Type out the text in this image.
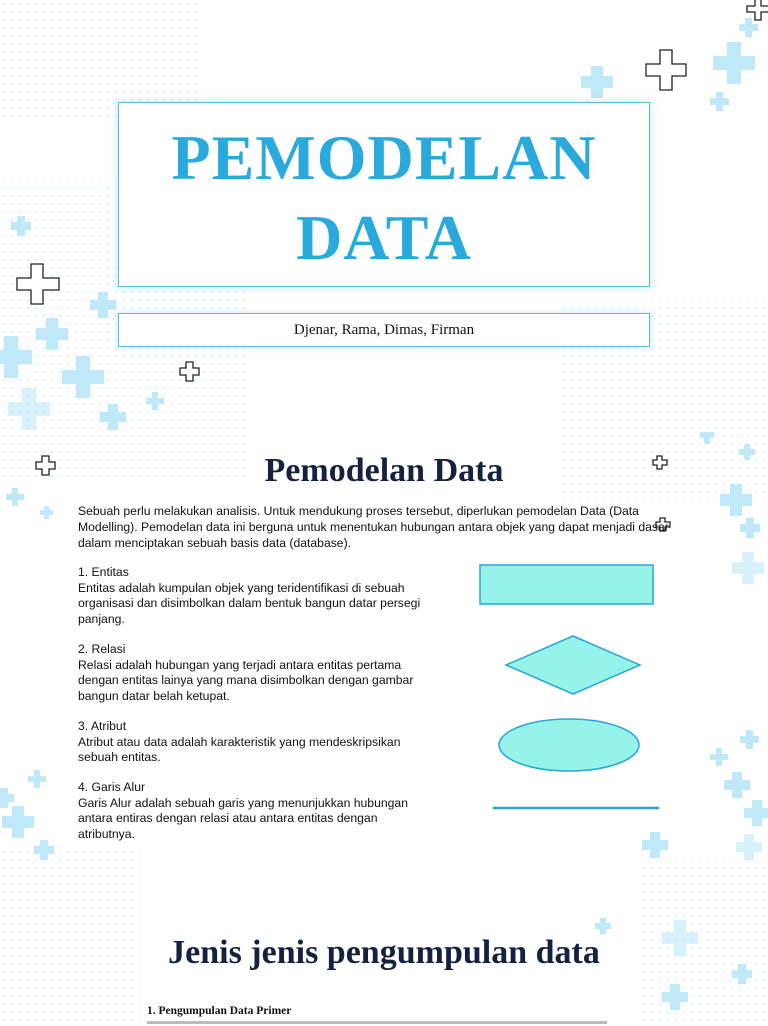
PEMODELAN
DATA
Djenar, Rama, Dimas, Firman
Pemodelan Data
Sebuah perlu melakukan analisis. Untuk mendukung proses tersebut, diperlukan pemodelan Data (Data Modelling). Pemodelan data ini berguna untuk menentukan hubungan antara objek yang dapat menjadi dasar dalam menciptakan sebuah basis data (database).
1. Entitas
Entitas adalah kumpulan objek yang teridentifikasi di sebuah organisasi dan disimbolkan dalam bentuk bangun datar persegi panjang.
2. Relasi
Relasi adalah hubungan yang terjadi antara entitas pertama dengan entitas lainya yang mana disimbolkan dengan gambar bangun datar belah ketupat.
3. Atribut
Atribut atau data adalah karakteristik yang mendeskripsikan sebuah entitas.
4. Garis Alur
Garis Alur adalah sebuah garis yang menunjukkan hubungan antara entiras dengan relasi atau antara entitas dengan atributnya.
Jenis jenis pengumpulan data
1. Pengumpulan Data Primer
